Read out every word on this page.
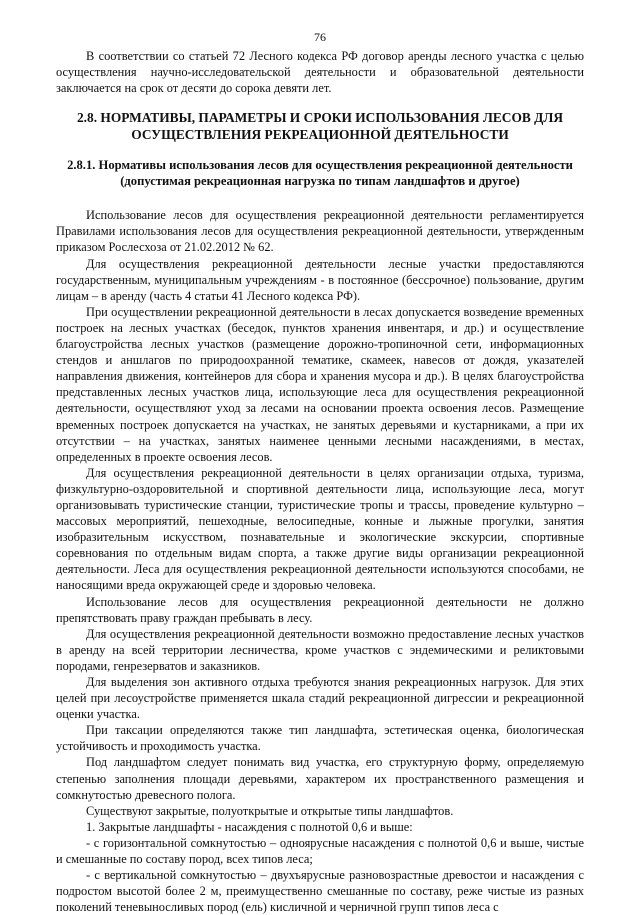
76

В соответствии со статьей 72 Лесного кодекса РФ договор аренды лесного участка с целью осуществления научно-исследовательской деятельности и образовательной деятельности заключается на срок от десяти до сорока девяти лет.

2.8. НОРМАТИВЫ, ПАРАМЕТРЫ И СРОКИ ИСПОЛЬЗОВАНИЯ ЛЕСОВ ДЛЯ
ОСУЩЕСТВЛЕНИЯ РЕКРЕАЦИОННОЙ ДЕЯТЕЛЬНОСТИ
2.8.1. Нормативы использования лесов для осуществления рекреационной деятельности
(допустимая рекреационная нагрузка по типам ландшафтов и другое)

Использование лесов для осуществления рекреационной деятельности регламентируется Правилами использования лесов для осуществления рекреационной деятельности, утвержденным приказом Рослесхоза от 21.02.2012 № 62.

Для осуществления рекреационной деятельности лесные участки предоставляются государственным, муниципальным учреждениям - в постоянное (бессрочное) пользование, другим лицам – в аренду (часть 4 статьи 41 Лесного кодекса РФ).

При осуществлении рекреационной деятельности в лесах допускается возведение временных построек на лесных участках (беседок, пунктов хранения инвентаря, и др.) и осуществление благоустройства лесных участков (размещение дорожно-тропиночной сети, информационных стендов и аншлагов по природоохранной тематике, скамеек, навесов от дождя, указателей направления движения, контейнеров для сбора и хранения мусора и др.). В целях благоустройства представленных лесных участков лица, использующие леса для осуществления рекреационной деятельности, осуществляют уход за лесами на основании проекта освоения лесов. Размещение временных построек допускается на участках, не занятых деревьями и кустарниками, а при их отсутствии – на участках, занятых наименее ценными лесными насаждениями, в местах, определенных в проекте освоения лесов.

Для осуществления рекреационной деятельности в целях организации отдыха, туризма, физкультурно-оздоровительной и спортивной деятельности лица, использующие леса, могут организовывать туристические станции, туристические тропы и трассы, проведение культурно – массовых мероприятий, пешеходные, велосипедные, конные и лыжные прогулки, занятия изобразительным искусством, познавательные и экологические экскурсии, спортивные соревнования по отдельным видам спорта, а также другие виды организации рекреационной деятельности. Леса для осуществления рекреационной деятельности используются способами, не наносящими вреда окружающей среде и здоровью человека.

Использование лесов для осуществления рекреационной деятельности не должно препятствовать праву граждан пребывать в лесу.

Для осуществления рекреационной деятельности возможно предоставление лесных участков в аренду на всей территории лесничества, кроме участков с эндемическими и реликтовыми породами, генрезерватов и заказников.

Для выделения зон активного отдыха требуются знания рекреационных нагрузок. Для этих целей при лесоустройстве применяется шкала стадий рекреационной дигрессии и рекреационной оценки участка.

При таксации определяются также тип ландшафта, эстетическая оценка, биологическая устойчивость и проходимость участка.

Под ландшафтом следует понимать вид участка, его структурную форму, определяемую степенью заполнения площади деревьями, характером их пространственного размещения и сомкнутостью древесного полога.

Существуют закрытые, полуоткрытые и открытые типы ландшафтов.

1. Закрытые ландшафты - насаждения с полнотой 0,6 и выше:

- с горизонтальной сомкнутостью – одноярусные насаждения с полнотой 0,6 и выше, чистые и смешанные по составу пород, всех типов леса;

- с вертикальной сомкнутостью – двухъярусные разновозрастные древостои и насаждения с подростом высотой более 2 м, преимущественно смешанные по составу, реже чистые из разных поколений теневыносливых пород (ель) кисличной и черничной групп типов леса с
